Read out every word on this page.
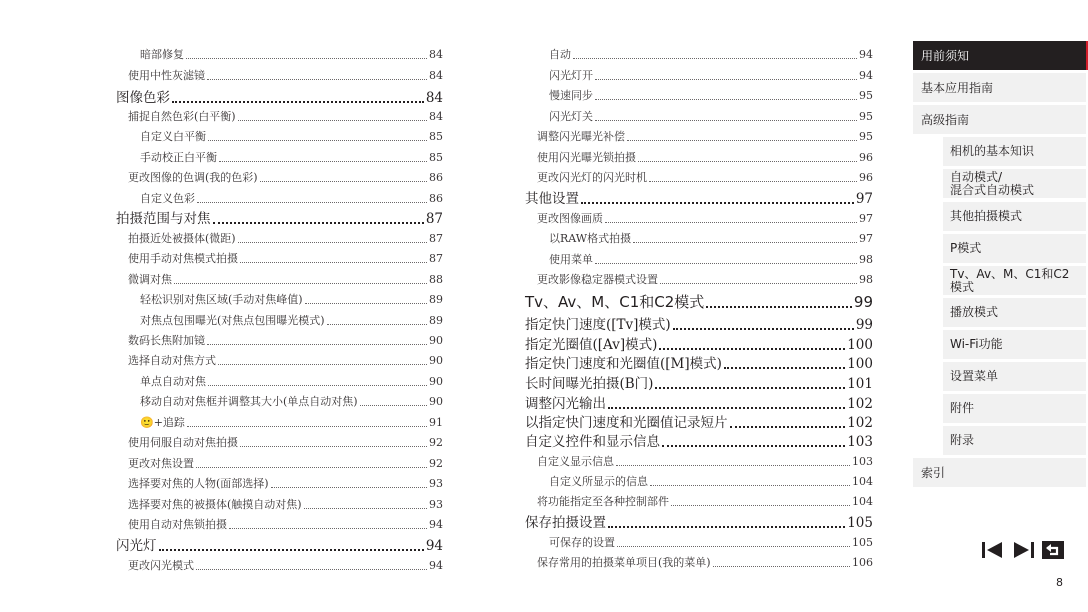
暗部修复	84
使用中性灰滤镜	84
图像色彩	84
捕捉自然色彩(白平衡)	84
自定义白平衡	85
手动校正白平衡	85
更改图像的色调(我的色彩)	86
自定义色彩	86
拍摄范围与对焦	87
拍摄近处被摄体(微距)	87
使用手动对焦模式拍摄	87
微调对焦	88
轻松识别对焦区域(手动对焦峰值)	89
对焦点包围曝光(对焦点包围曝光模式)	89
数码长焦附加镜	90
选择自动对焦方式	90
单点自动对焦	90
移动自动对焦框并调整其大小(单点自动对焦)	90
🙂+追踪	91
使用伺服自动对焦拍摄	92
更改对焦设置	92
选择要对焦的人物(面部选择)	93
选择要对焦的被摄体(触摸自动对焦)	93
使用自动对焦锁拍摄	94
闪光灯	94
更改闪光模式	94
自动	94
闪光灯开	94
慢速同步	95
闪光灯关	95
调整闪光曝光补偿	95
使用闪光曝光锁拍摄	96
更改闪光灯的闪光时机	96
其他设置	97
更改图像画质	97
以RAW格式拍摄	97
使用菜单	98
更改影像稳定器模式设置	98
Tv、Av、M、C1和C2模式	99
指定快门速度([Tv]模式)	99
指定光圈值([Av]模式)	100
指定快门速度和光圈值([M]模式)	100
长时间曝光拍摄(B门)	101
调整闪光输出	102
以指定快门速度和光圈值记录短片	102
自定义控件和显示信息	103
自定义显示信息	103
自定义所显示的信息	104
将功能指定至各种控制部件	104
保存拍摄设置	105
可保存的设置	105
保存常用的拍摄菜单项目(我的菜单)	106
用前须知
基本应用指南
高级指南
相机的基本知识
自动模式/
混合式自动模式
其他拍摄模式
P模式
Tv、Av、M、C1和C2
模式
播放模式
Wi-Fi功能
设置菜单
附件
附录
索引
8
